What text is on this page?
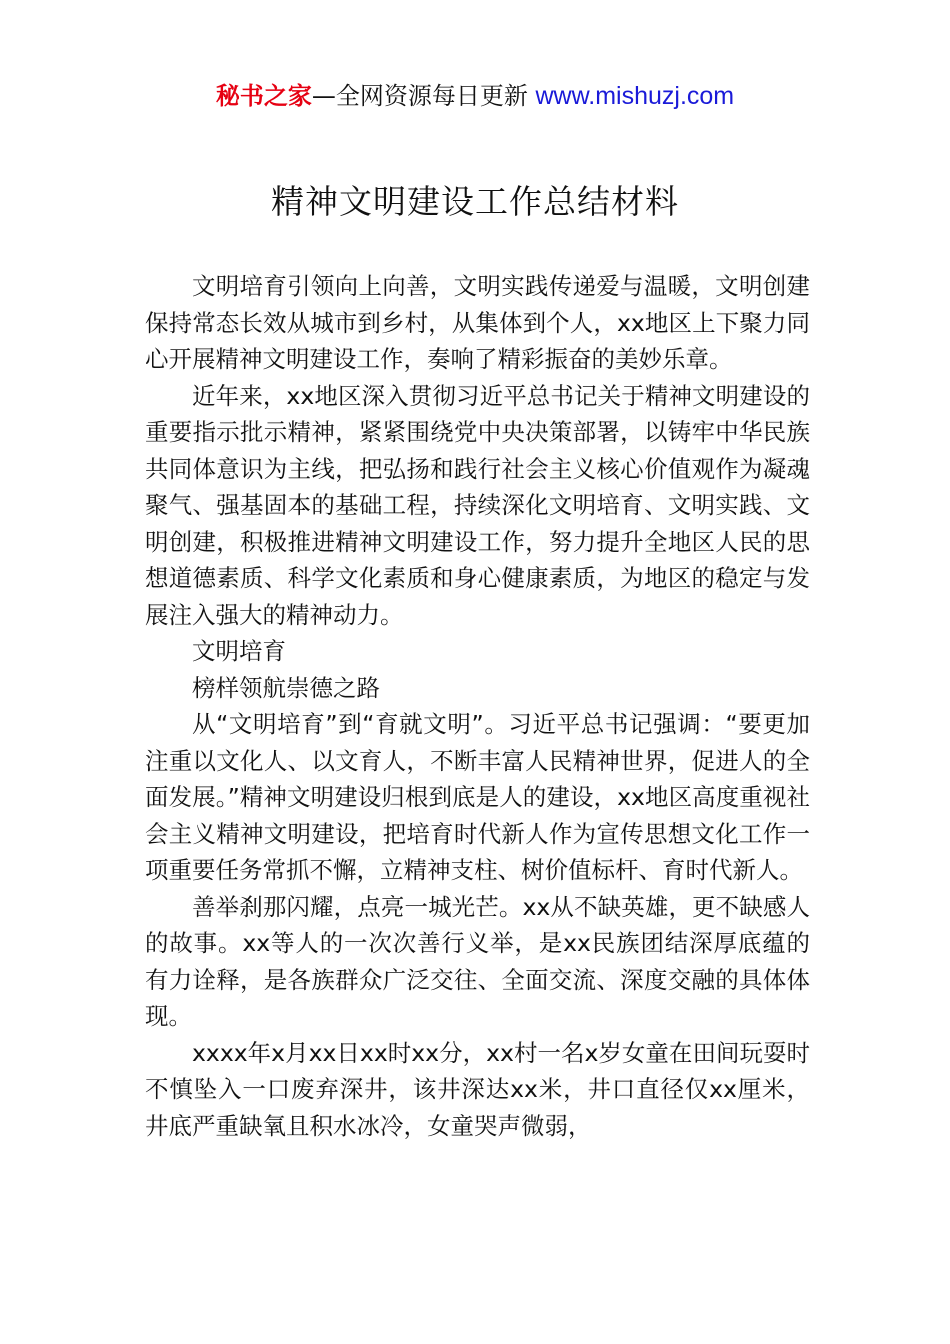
秘书之家—全网资源每日更新 www.mishuzj.com
精神文明建设工作总结材料

文明培育引领向上向善，文明实践传递爱与温暖，文明创建保持常态长效从城市到乡村，从集体到个人，xx地区上下聚力同心开展精神文明建设工作，奏响了精彩振奋的美妙乐章。

近年来，xx地区深入贯彻习近平总书记关于精神文明建设的重要指示批示精神，紧紧围绕党中央决策部署，以铸牢中华民族共同体意识为主线，把弘扬和践行社会主义核心价值观作为凝魂聚气、强基固本的基础工程，持续深化文明培育、文明实践、文明创建，积极推进精神文明建设工作，努力提升全地区人民的思想道德素质、科学文化素质和身心健康素质，为地区的稳定与发展注入强大的精神动力。

文明培育

榜样领航崇德之路

从“文明培育”到“育就文明”。习近平总书记强调：“要更加注重以文化人、以文育人，不断丰富人民精神世界，促进人的全面发展。”精神文明建设归根到底是人的建设，xx地区高度重视社会主义精神文明建设，把培育时代新人作为宣传思想文化工作一项重要任务常抓不懈，立精神支柱、树价值标杆、育时代新人。

善举刹那闪耀，点亮一城光芒。xx从不缺英雄，更不缺感人的故事。xx等人的一次次善行义举，是xx民族团结深厚底蕴的有力诠释，是各族群众广泛交往、全面交流、深度交融的具体体现。

xxxx年x月xx日xx时xx分，xx村一名x岁女童在田间玩耍时不慎坠入一口废弃深井，该井深达xx米，井口直径仅xx厘米，井底严重缺氧且积水冰冷，女童哭声微弱，
